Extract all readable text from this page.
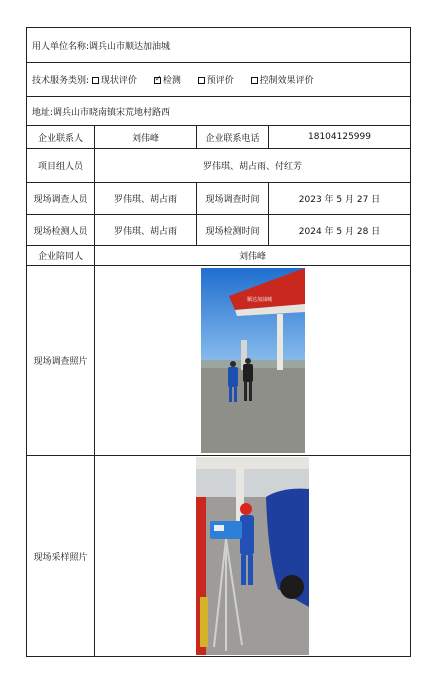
用人单位名称:调兵山市顺达加油城			
技术服务类别: 现状评价 ✓ 检测 预评价 控制效果评价
地址:调兵山市晓南镇宋荒地村路西			
企业联系人	刘伟峰	企业联系电话	18104125999
项目组人员	罗伟琪、胡占雨、付红芳		
现场调查人员	罗伟琪、胡占雨	现场调查时间	2023 年 5 月 27 日
现场检测人员	罗伟琪、胡占雨	现场检测时间	2024 年 5 月 28 日
企业陪同人	刘伟峰		
现场调查照片	顺达加油城		

现场采样照片	
